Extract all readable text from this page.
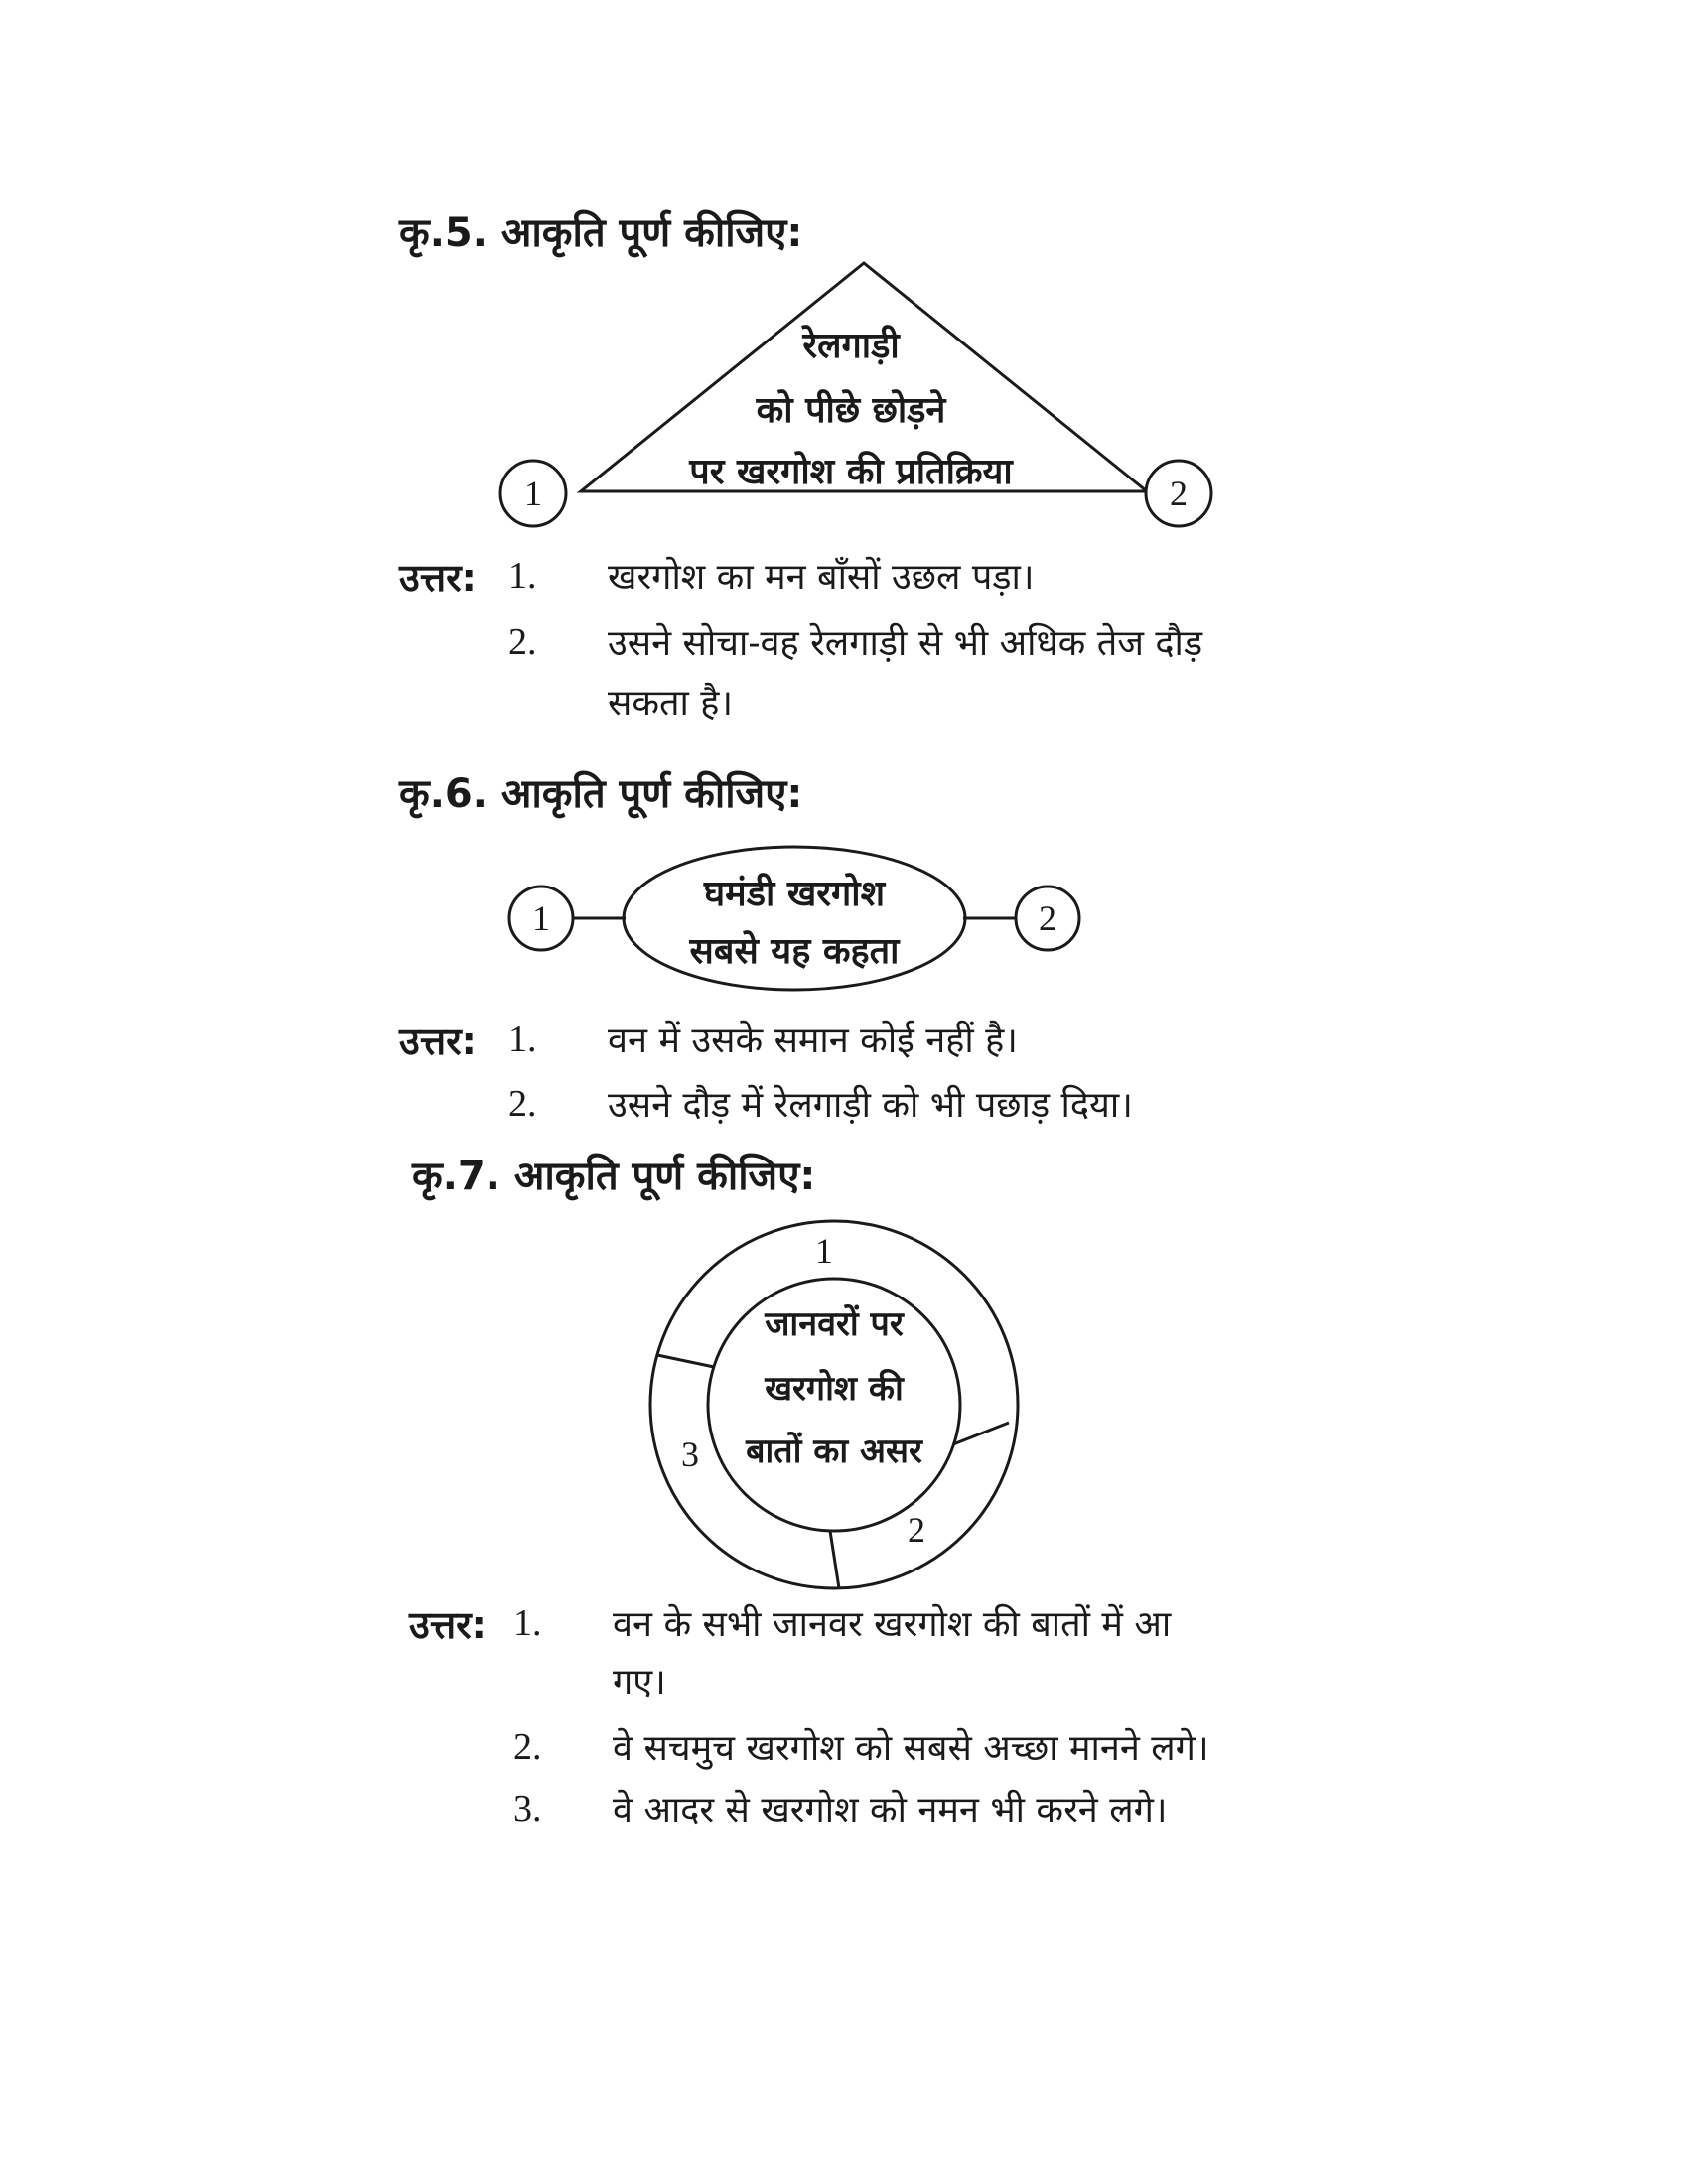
कृ.5. आकृति पूर्ण कीजिए:
रेलगाड़ी
को पीछे छोड़ने
पर खरगोश की प्रतिक्रिया
1	2
उत्तर: 1. खरगोश का मन बाँसों उछल पड़ा।
2. उसने सोचा-वह रेलगाड़ी से भी अधिक तेज दौड़
सकता है।
कृ.6. आकृति पूर्ण कीजिए:
घमंडी खरगोश
सबसे यह कहता
1	2
उत्तर: 1. वन में उसके समान कोई नहीं है।
2. उसने दौड़ में रेलगाड़ी को भी पछाड़ दिया।
कृ.7. आकृति पूर्ण कीजिए:
1
2
3
जानवरों पर
खरगोश की
बातों का असर
उत्तर: 1. वन के सभी जानवर खरगोश की बातों में आ
गए।
2. वे सचमुच खरगोश को सबसे अच्छा मानने लगे।
3. वे आदर से खरगोश को नमन भी करने लगे।
